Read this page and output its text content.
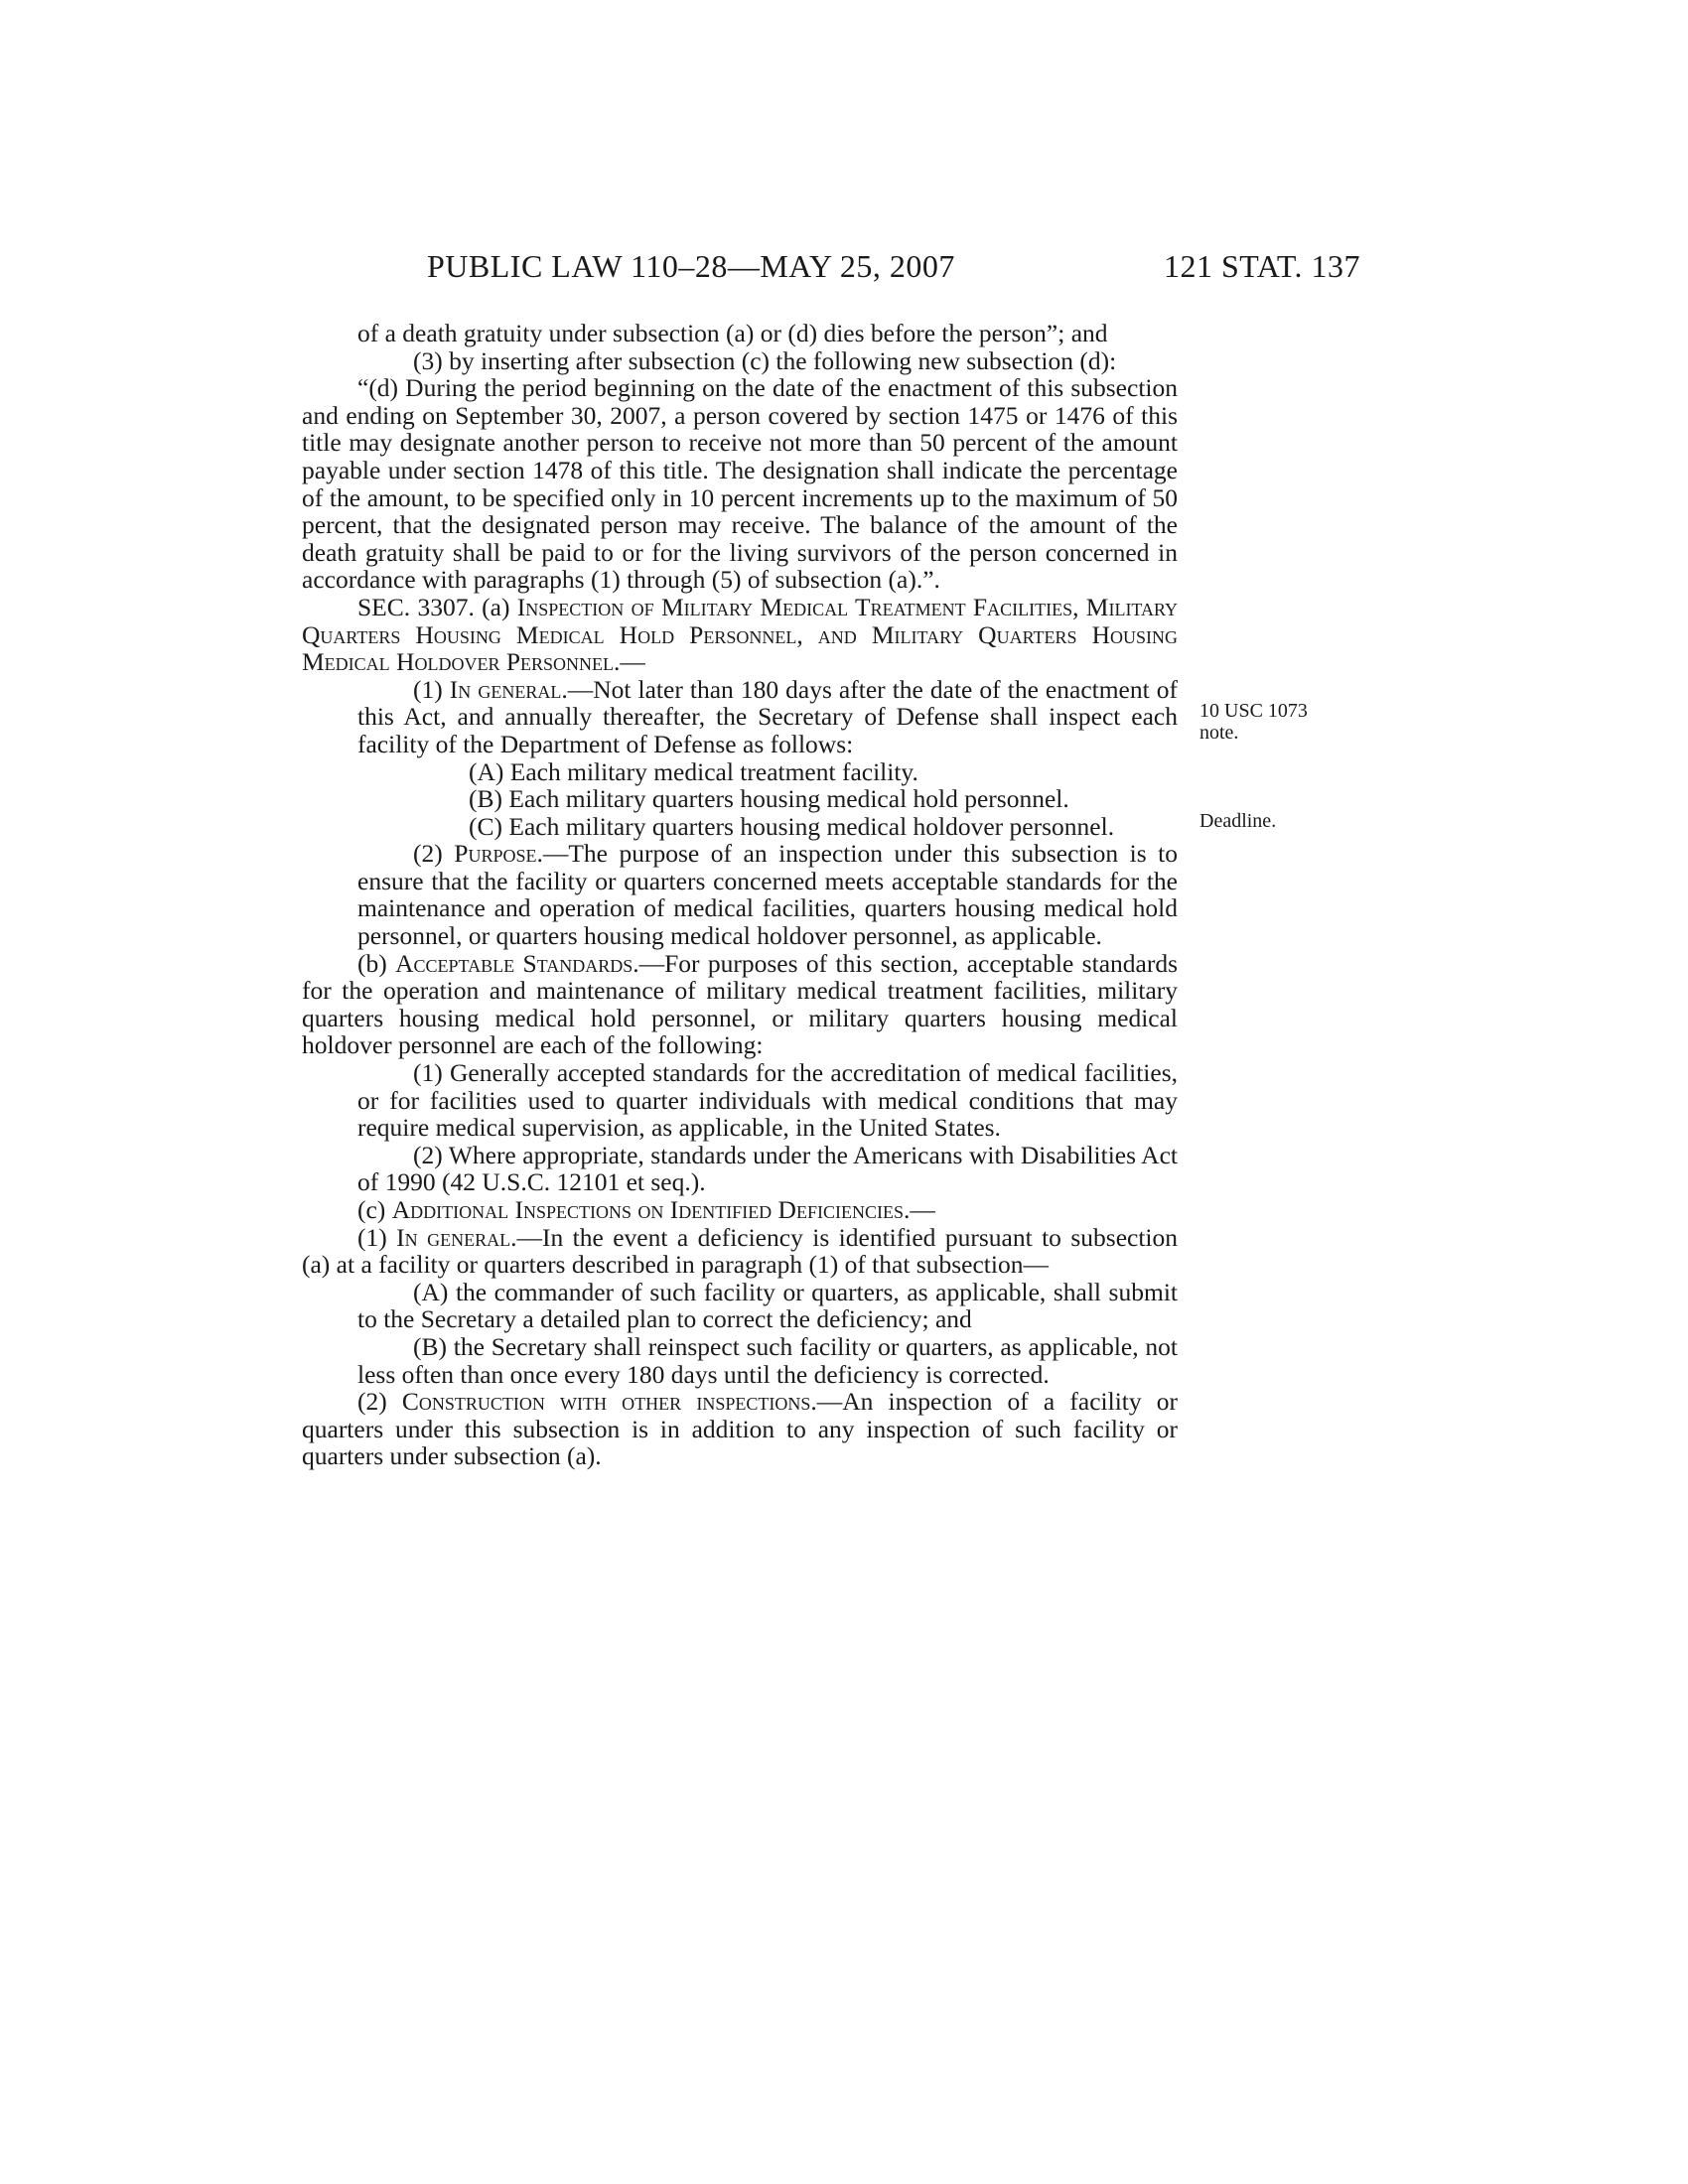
PUBLIC LAW 110–28—MAY 25, 2007	121 STAT. 137
10 USC 1073 note.
Deadline.

of a death gratuity under subsection (a) or (d) dies before the person”; and

(3) by inserting after subsection (c) the following new subsection (d):

“(d) During the period beginning on the date of the enactment of this subsection and ending on September 30, 2007, a person covered by section 1475 or 1476 of this title may designate another person to receive not more than 50 percent of the amount payable under section 1478 of this title. The designation shall indicate the percentage of the amount, to be specified only in 10 percent increments up to the maximum of 50 percent, that the designated person may receive. The balance of the amount of the death gratuity shall be paid to or for the living survivors of the person concerned in accordance with paragraphs (1) through (5) of subsection (a).”.

SEC. 3307. (a) Inspection of Military Medical Treatment Facilities, Military Quarters Housing Medical Hold Personnel, and Military Quarters Housing Medical Holdover Personnel.—

(1) In general.—Not later than 180 days after the date of the enactment of this Act, and annually thereafter, the Secretary of Defense shall inspect each facility of the Department of Defense as follows:

(A) Each military medical treatment facility.

(B) Each military quarters housing medical hold personnel.

(C) Each military quarters housing medical holdover personnel.

(2) Purpose.—The purpose of an inspection under this subsection is to ensure that the facility or quarters concerned meets acceptable standards for the maintenance and operation of medical facilities, quarters housing medical hold personnel, or quarters housing medical holdover personnel, as applicable.

(b) Acceptable Standards.—For purposes of this section, acceptable standards for the operation and maintenance of military medical treatment facilities, military quarters housing medical hold personnel, or military quarters housing medical holdover personnel are each of the following:

(1) Generally accepted standards for the accreditation of medical facilities, or for facilities used to quarter individuals with medical conditions that may require medical supervision, as applicable, in the United States.

(2) Where appropriate, standards under the Americans with Disabilities Act of 1990 (42 U.S.C. 12101 et seq.).

(c) Additional Inspections on Identified Deficiencies.—

(1) In general.—In the event a deficiency is identified pursuant to subsection (a) at a facility or quarters described in paragraph (1) of that subsection—

(A) the commander of such facility or quarters, as applicable, shall submit to the Secretary a detailed plan to correct the deficiency; and

(B) the Secretary shall reinspect such facility or quarters, as applicable, not less often than once every 180 days until the deficiency is corrected.

(2) Construction with other inspections.—An inspection of a facility or quarters under this subsection is in addition to any inspection of such facility or quarters under subsection (a).
